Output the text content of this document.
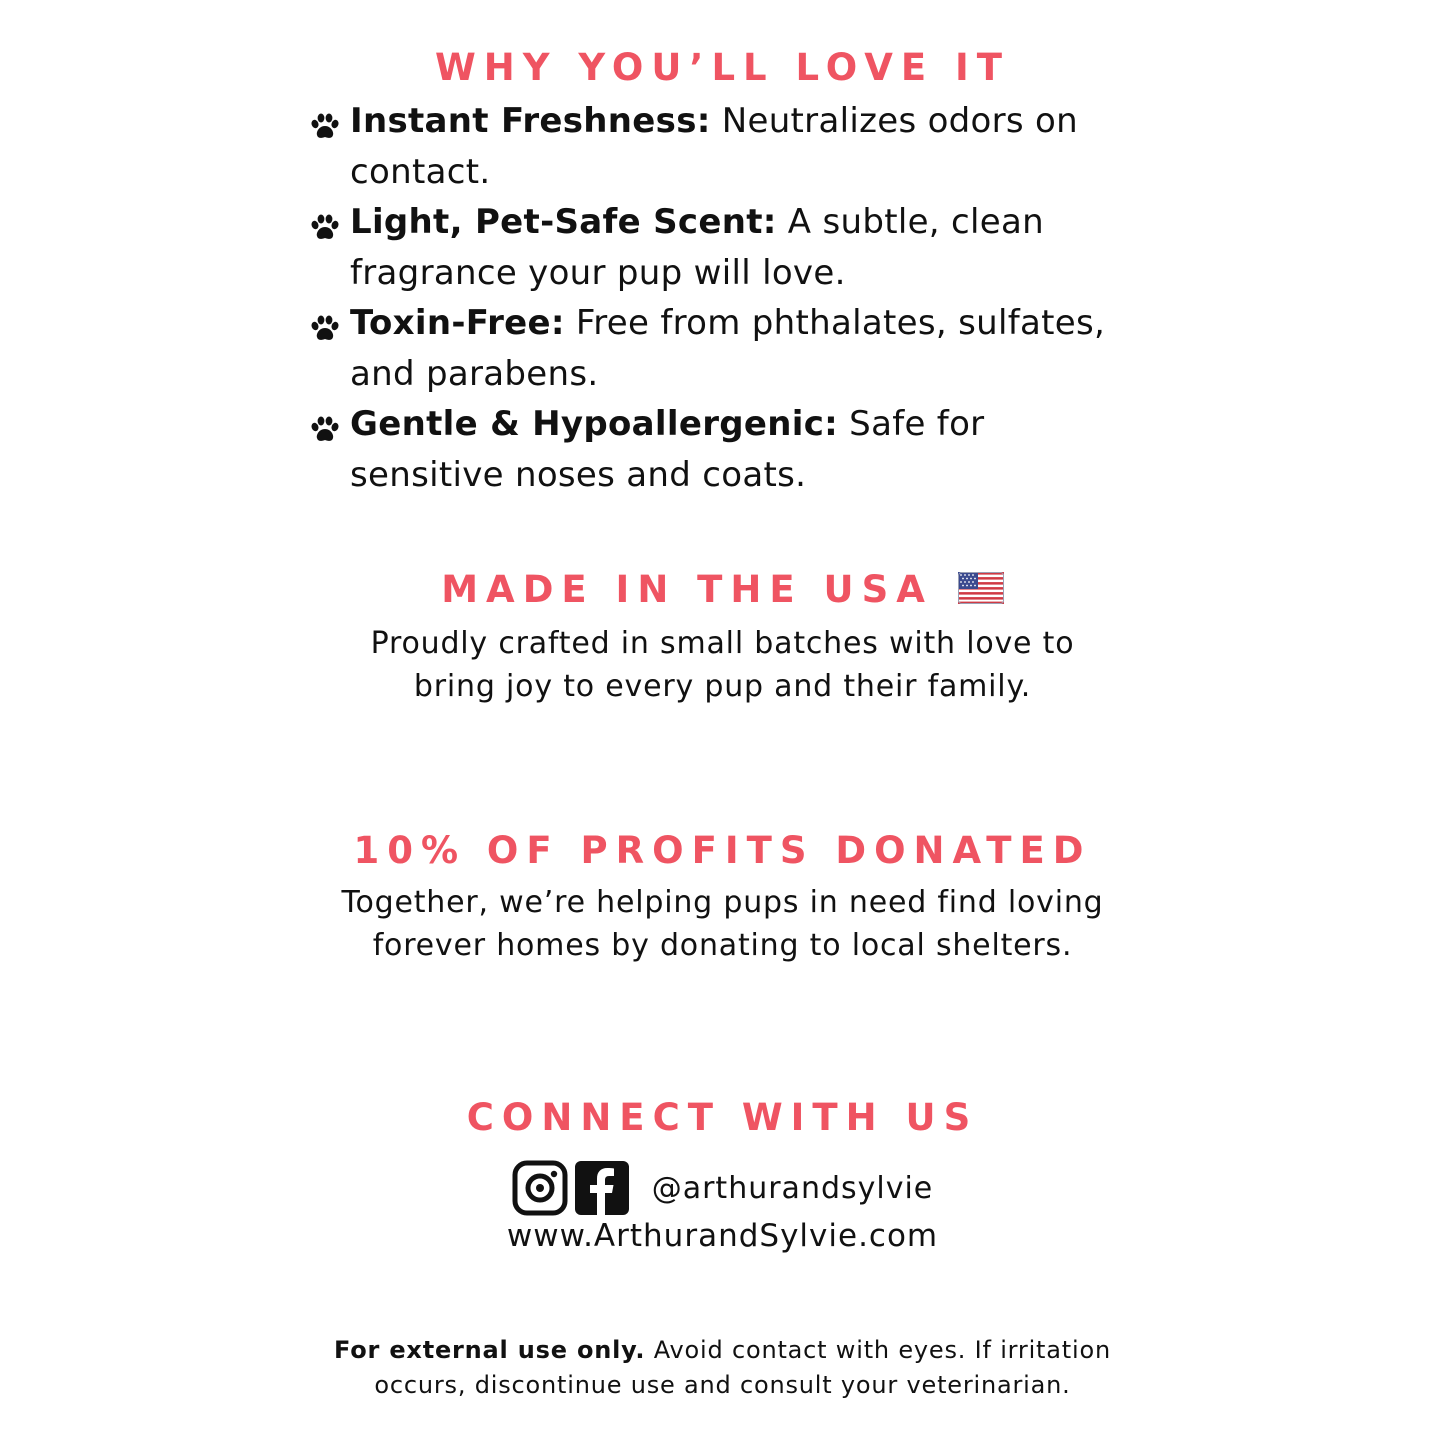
WHY YOU’LL LOVE IT
Instant Freshness: Neutralizes odors on contact.
Light, Pet-Safe Scent: A subtle, clean fragrance your pup will love.
Toxin-Free: Free from phthalates, sulfates, and parabens.
Gentle & Hypoallergenic: Safe for sensitive noses and coats.
MADE IN THE USA
Proudly crafted in small batches with love to
bring joy to every pup and their family.
10% OF PROFITS DONATED
Together, we’re helping pups in need find loving
forever homes by donating to local shelters.
CONNECT WITH US
@arthurandsylvie
www.ArthurandSylvie.com
For external use only. Avoid contact with eyes. If irritation
occurs, discontinue use and consult your veterinarian.
